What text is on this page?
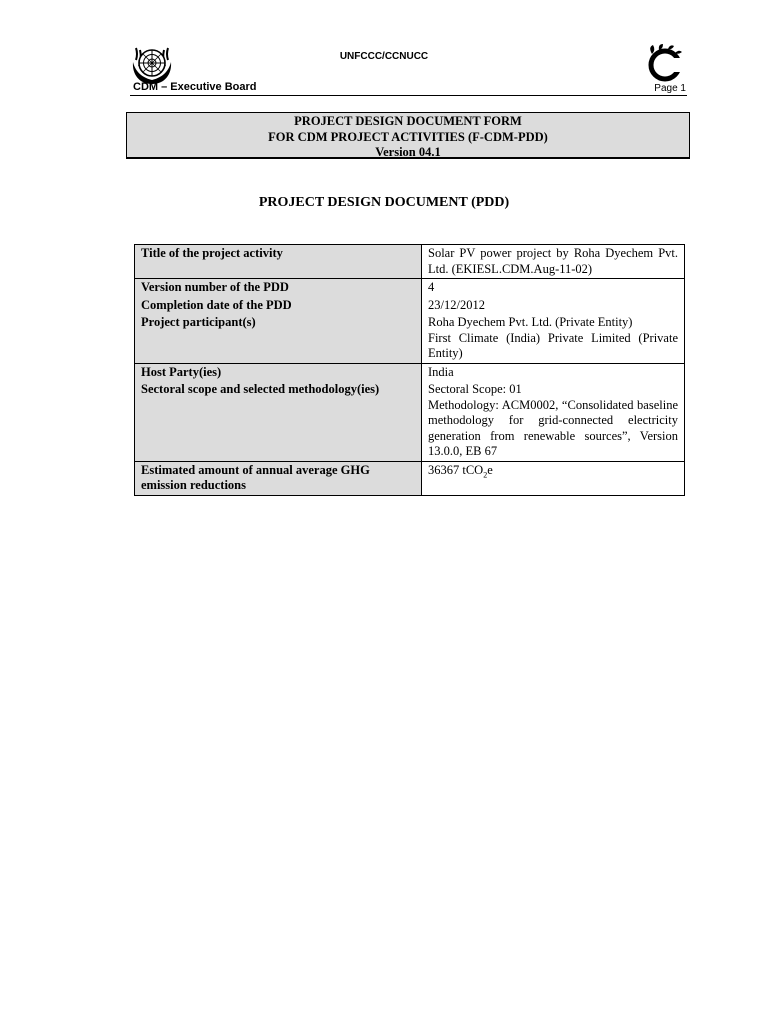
UNFCCC/CCNUCC
CDM – Executive Board	Page 1
PROJECT DESIGN DOCUMENT FORM
FOR CDM PROJECT ACTIVITIES (F-CDM-PDD)
Version 04.1
PROJECT DESIGN DOCUMENT (PDD)
Title of the project activity	Solar PV power project by Roha Dyechem Pvt. Ltd. (EKIESL.CDM.Aug-11-02)
Version number of the PDD	4
Completion date of the PDD	23/12/2012
Project participant(s)	Roha Dyechem Pvt. Ltd. (Private Entity)
First Climate (India) Private Limited (Private Entity)

Host Party(ies)	India
Sectoral scope and selected methodology(ies)	Sectoral Scope: 01
Methodology: ACM0002, “Consolidated baseline methodology for grid-connected electricity generation from renewable sources”, Version 13.0.0, EB 67

Estimated amount of annual average GHG emission reductions	36367 tCO$_2$e
